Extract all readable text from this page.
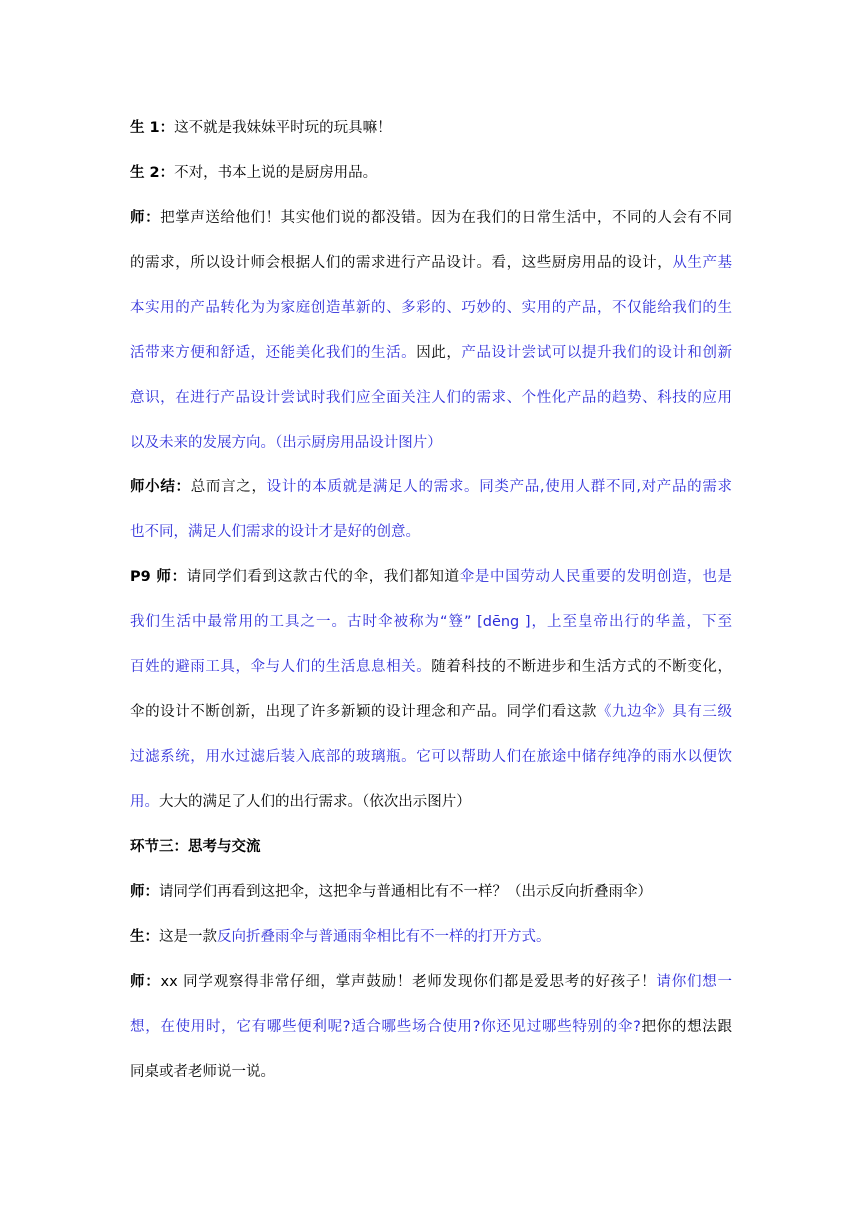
生 1：这不就是我妹妹平时玩的玩具嘛！
生 2：不对，书本上说的是厨房用品。
师：把掌声送给他们！其实他们说的都没错。因为在我们的日常生活中，不同的人会有不同
的需求，所以设计师会根据人们的需求进行产品设计。看，这些厨房用品的设计，从生产基
本实用的产品转化为为家庭创造革新的、多彩的、巧妙的、实用的产品，不仅能给我们的生
活带来方便和舒适，还能美化我们的生活。因此，产品设计尝试可以提升我们的设计和创新
意识，在进行产品设计尝试时我们应全面关注人们的需求、个性化产品的趋势、科技的应用
以及未来的发展方向。（出示厨房用品设计图片）
师小结：总而言之，设计的本质就是满足人的需求。同类产品,使用人群不同,对产品的需求
也不同，满足人们需求的设计才是好的创意。
P9 师：请同学们看到这款古代的伞，我们都知道伞是中国劳动人民重要的发明创造，也是
我们生活中最常用的工具之一。古时伞被称为“簦” [dēng ]，上至皇帝出行的华盖，下至
百姓的避雨工具，伞与人们的生活息息相关。随着科技的不断进步和生活方式的不断变化，
伞的设计不断创新，出现了许多新颖的设计理念和产品。同学们看这款《九边伞》具有三级
过滤系统，用水过滤后装入底部的玻璃瓶。它可以帮助人们在旅途中储存纯净的雨水以便饮
用。大大的满足了人们的出行需求。（依次出示图片）
环节三：思考与交流
师：请同学们再看到这把伞，这把伞与普通相比有不一样？（出示反向折叠雨伞）
生：这是一款反向折叠雨伞与普通雨伞相比有不一样的打开方式。
师：xx 同学观察得非常仔细，掌声鼓励！老师发现你们都是爱思考的好孩子！请你们想一
想，在使用时，它有哪些便利呢?适合哪些场合使用?你还见过哪些特别的伞?把你的想法跟
同桌或者老师说一说。
